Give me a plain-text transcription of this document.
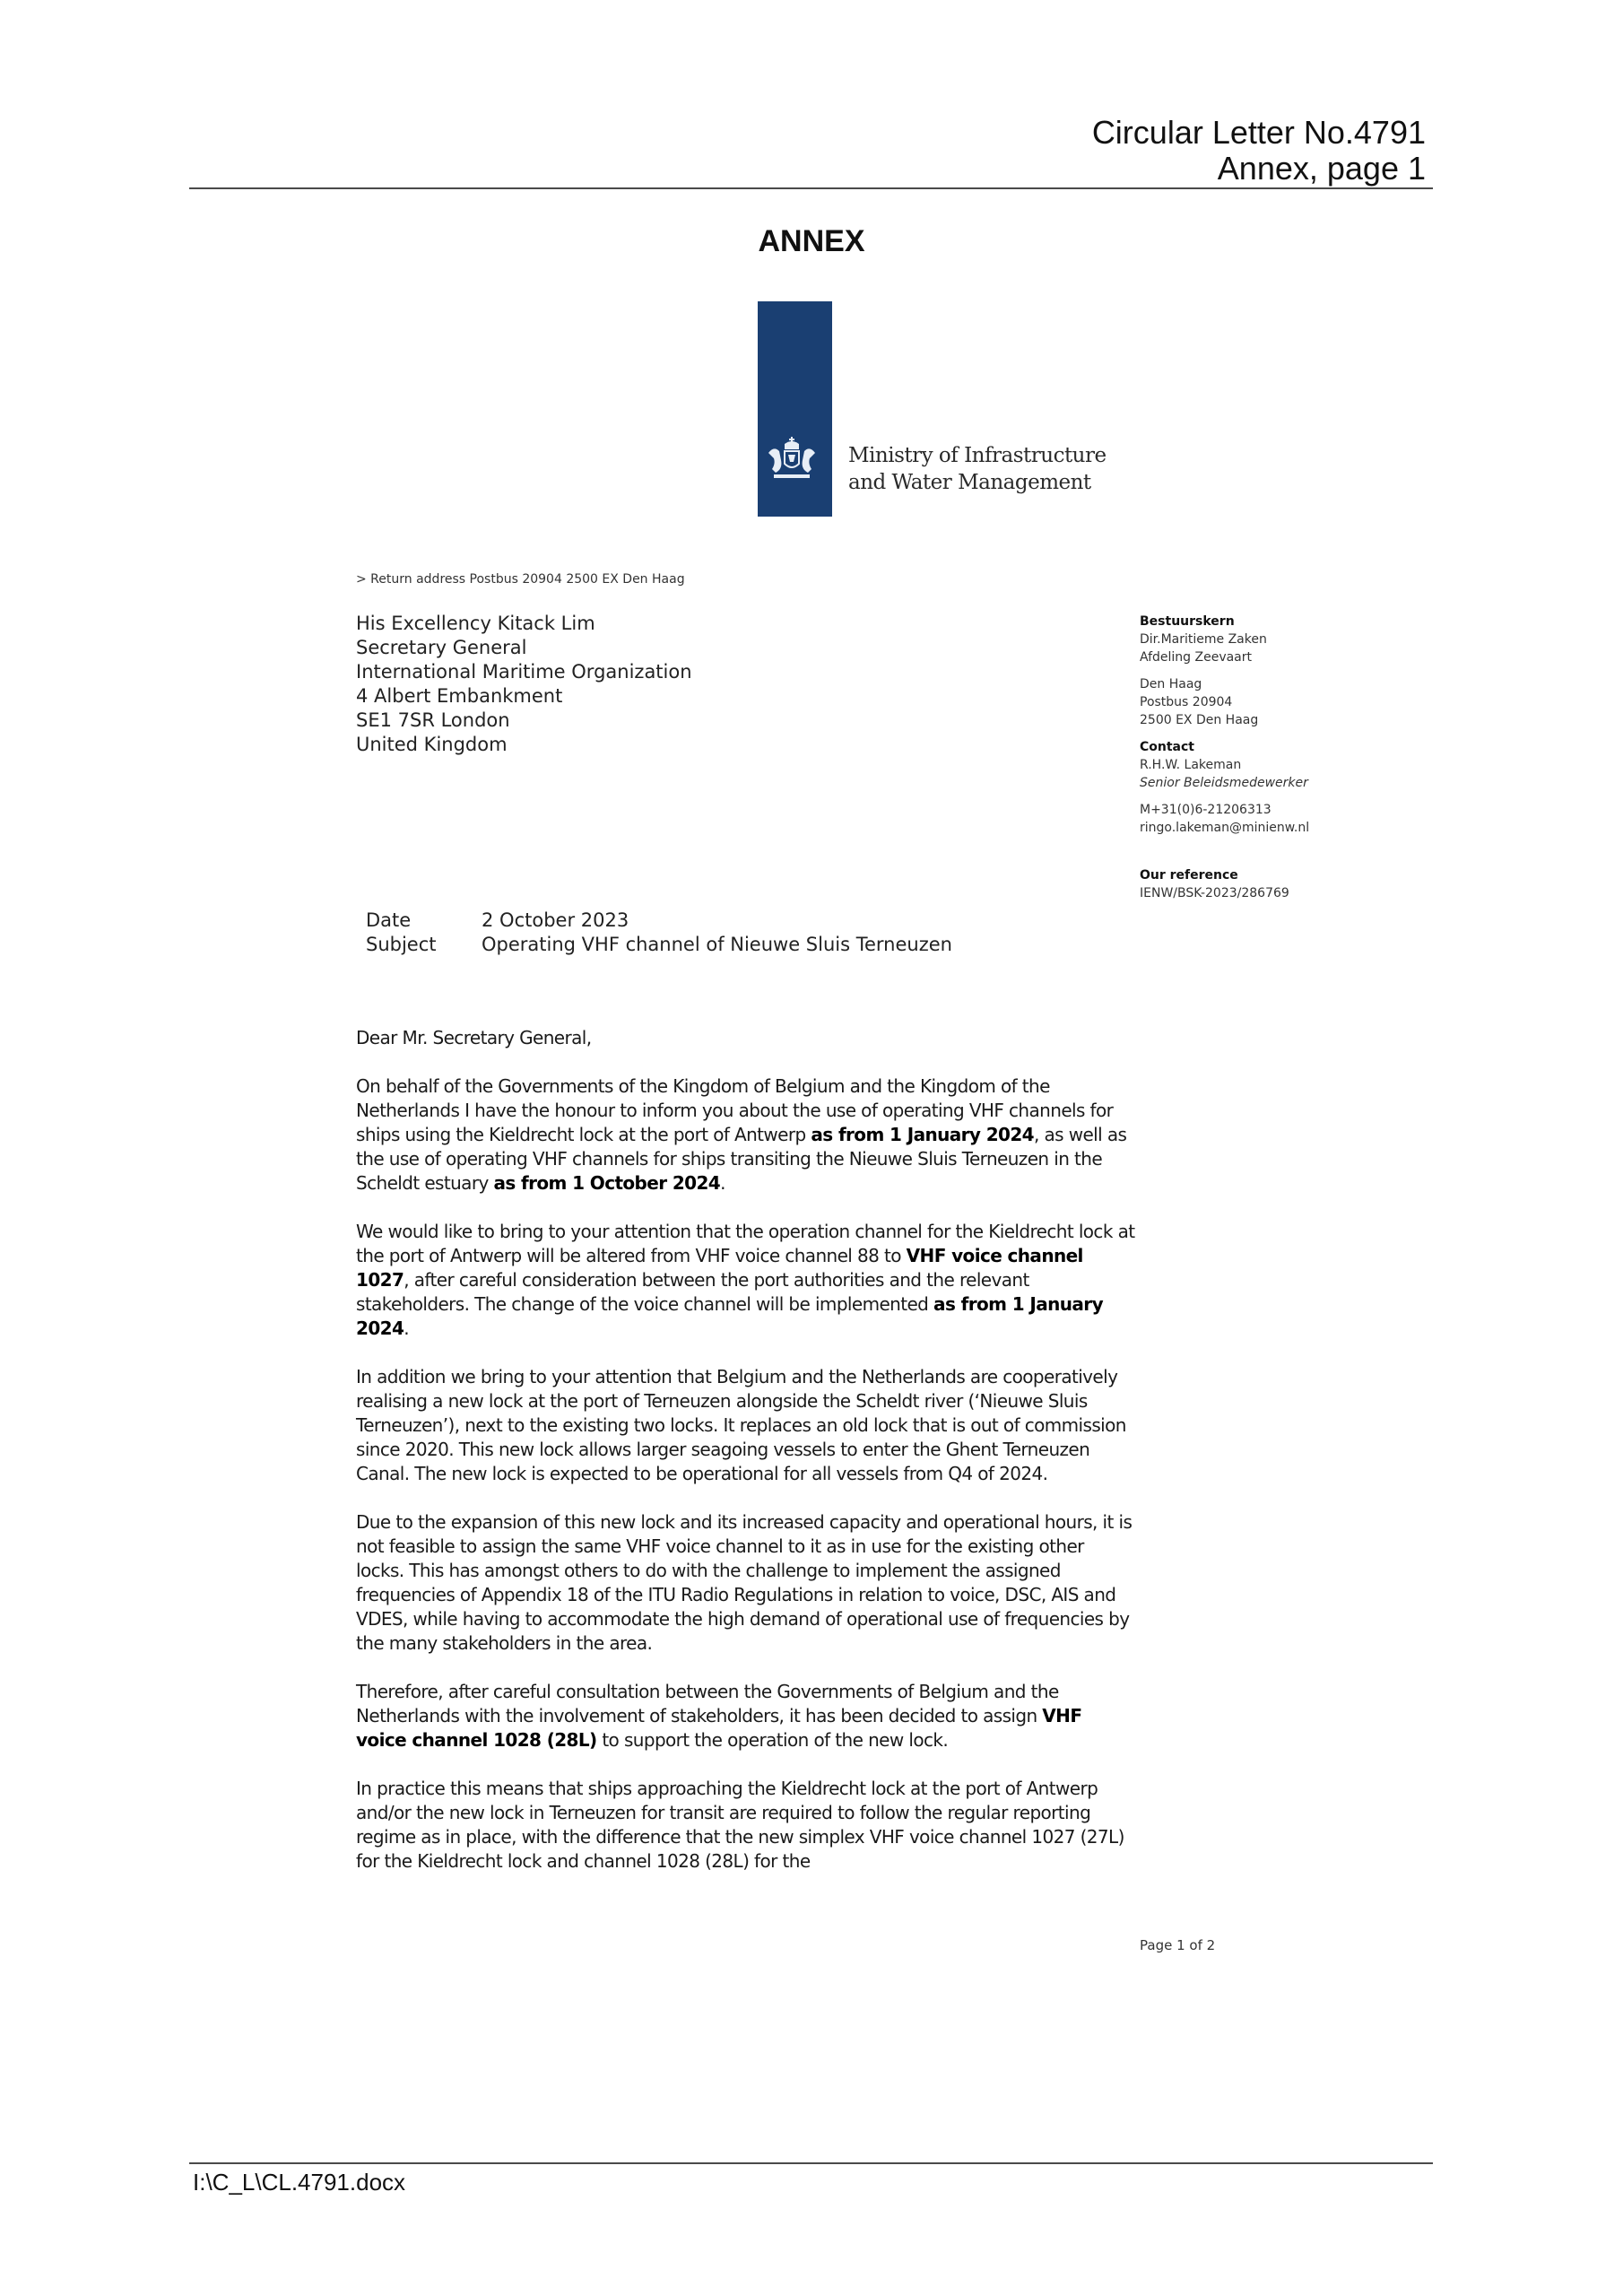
Circular Letter No.4791
Annex, page 1
ANNEX
Ministry of Infrastructure
and Water Management
> Return address Postbus 20904 2500 EX Den Haag
His Excellency Kitack Lim
Secretary General
International Maritime Organization
4 Albert Embankment
SE1 7SR London
United Kingdom
Bestuurskern
Dir.Maritieme Zaken
Afdeling Zeevaart
Den Haag
Postbus 20904
2500 EX Den Haag
Contact
R.H.W. Lakeman
Senior Beleidsmedewerker
M+31(0)6-21206313
ringo.lakeman@minienw.nl
Our reference
IENW/BSK-2023/286769
Date	2 October 2023
Subject Operating VHF channel of Nieuwe Sluis Terneuzen

Dear Mr. Secretary General,

On behalf of the Governments of the Kingdom of Belgium and the Kingdom of the Netherlands I have the honour to inform you about the use of operating VHF channels for ships using the Kieldrecht lock at the port of Antwerp as from 1 January 2024, as well as the use of operating VHF channels for ships transiting the Nieuwe Sluis Terneuzen in the Scheldt estuary as from 1 October 2024.

We would like to bring to your attention that the operation channel for the Kieldrecht lock at the port of Antwerp will be altered from VHF voice channel 88 to VHF voice channel 1027, after careful consideration between the port authorities and the relevant stakeholders. The change of the voice channel will be implemented as from 1 January 2024.

In addition we bring to your attention that Belgium and the Netherlands are cooperatively realising a new lock at the port of Terneuzen alongside the Scheldt river (‘Nieuwe Sluis Terneuzen’), next to the existing two locks. It replaces an old lock that is out of commission since 2020. This new lock allows larger seagoing vessels to enter the Ghent Terneuzen Canal. The new lock is expected to be operational for all vessels from Q4 of 2024.

Due to the expansion of this new lock and its increased capacity and operational hours, it is not feasible to assign the same VHF voice channel to it as in use for the existing other locks. This has amongst others to do with the challenge to implement the assigned frequencies of Appendix 18 of the ITU Radio Regulations in relation to voice, DSC, AIS and VDES, while having to accommodate the high demand of operational use of frequencies by the many stakeholders in the area.

Therefore, after careful consultation between the Governments of Belgium and the Netherlands with the involvement of stakeholders, it has been decided to assign VHF voice channel 1028 (28L) to support the operation of the new lock.

In practice this means that ships approaching the Kieldrecht lock at the port of Antwerp and/or the new lock in Terneuzen for transit are required to follow the regular reporting regime as in place, with the difference that the new simplex VHF voice channel 1027 (27L) for the Kieldrecht lock and channel 1028 (28L) for the

Page 1 of 2
I:\C_L\CL.4791.docx
